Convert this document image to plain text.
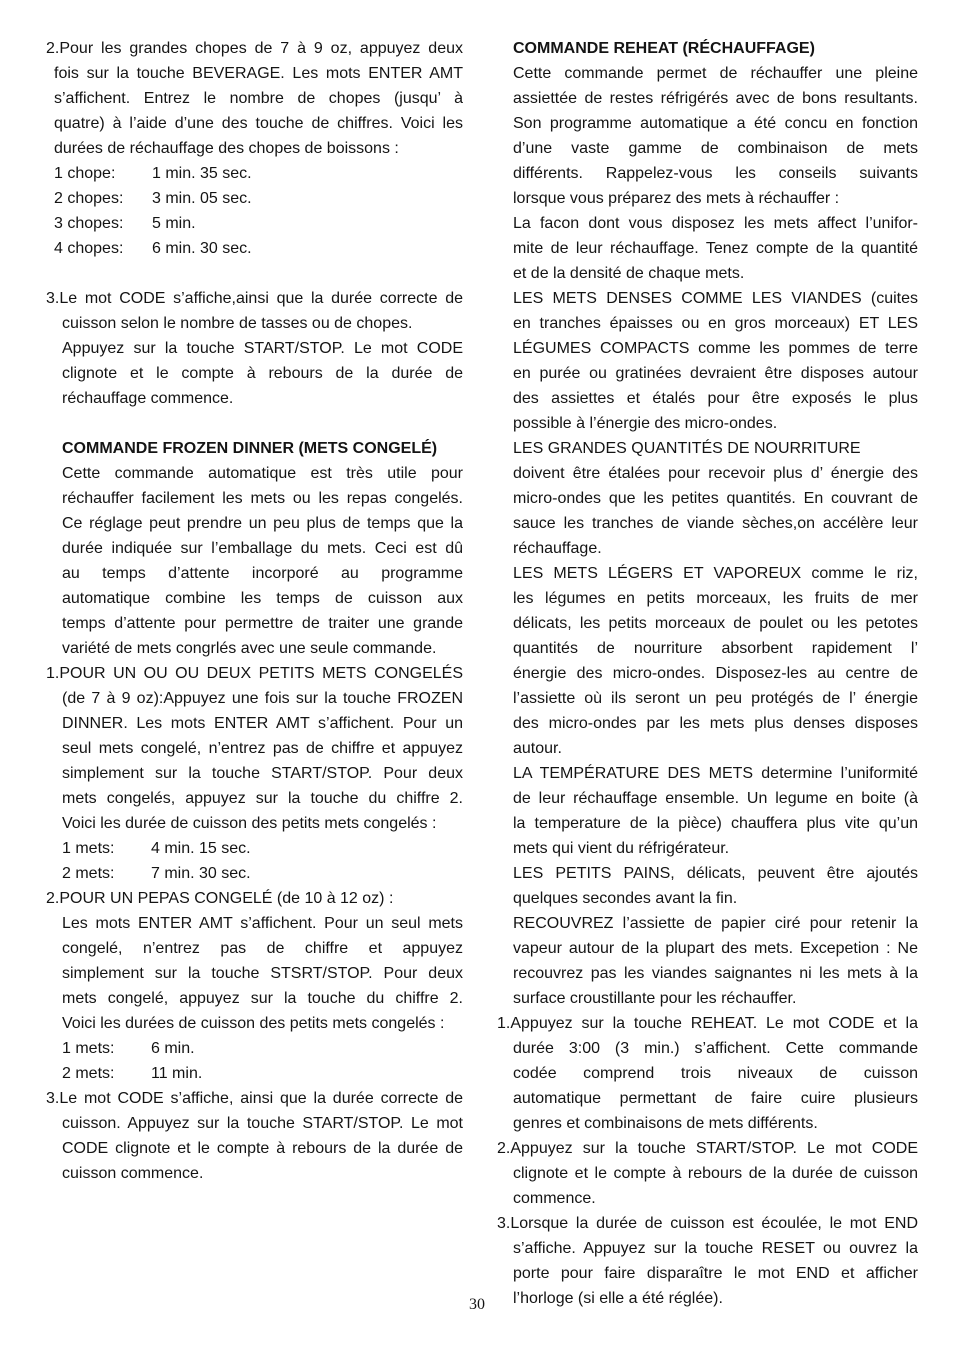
2.Pour les grandes chopes de 7 à 9 oz, appuyez deux
fois sur la touche BEVERAGE. Les mots ENTER AMT
s’affichent. Entrez le nombre de chopes (jusqu’ à
quatre) à l’aide d’une des touche de chiffres. Voici les
durées de réchauffage des chopes de boissons :
1 chope: 1 min. 35 sec.
2 chopes: 3 min. 05 sec.
3 chopes: 5 min.
4 chopes: 6 min. 30 sec.
3.Le mot CODE s’affiche,ainsi que la durée correcte de
cuisson selon le nombre de tasses ou de chopes.
Appuyez sur la touche START/STOP. Le mot CODE
clignote et le compte à rebours de la durée de
réchauffage commence.
COMMANDE FROZEN DINNER (METS CONGELÉ)
Cette commande automatique est très utile pour
réchauffer facilement les mets ou les repas congelés.
Ce réglage peut prendre un peu plus de temps que la
durée indiquée sur l’emballage du mets. Ceci est dû
au temps d’attente incorporé au programme
automatique combine les temps de cuisson aux
temps d’attente pour permettre de traiter une grande
variété de mets congrlés avec une seule commande.
1.POUR UN OU OU DEUX PETITS METS CONGELÉS
(de 7 à 9 oz):Appuyez une fois sur la touche FROZEN
DINNER. Les mots ENTER AMT s’affichent. Pour un
seul mets congelé, n’entrez pas de chiffre et appuyez
simplement sur la touche START/STOP. Pour deux
mets congelés, appuyez sur la touche du chiffre 2.
Voici les durée de cuisson des petits mets congelés :
1 mets: 4 min. 15 sec.
2 mets: 7 min. 30 sec.
2.POUR UN PEPAS CONGELÉ (de 10 à 12 oz) :
Les mots ENTER AMT s’affichent. Pour un seul mets
congelé, n’entrez pas de chiffre et appuyez
simplement sur la touche STSRT/STOP. Pour deux
mets congelé, appuyez sur la touche du chiffre 2.
Voici les durées de cuisson des petits mets congelés :
1 mets: 6 min.
2 mets: 11 min.
3.Le mot CODE s’affiche, ainsi que la durée correcte de
cuisson. Appuyez sur la touche START/STOP. Le mot
CODE clignote et le compte à rebours de la durée de
cuisson commence.
COMMANDE REHEAT (RÉCHAUFFAGE)
Cette commande permet de réchauffer une pleine
assiettée de restes réfrigérés avec de bons resultants.
Son programme automatique a été concu en fonction
d’une vaste gamme de combinaison de mets
différents. Rappelez-vous les conseils suivants
lorsque vous préparez des mets à réchauffer :
La facon dont vous disposez les mets affect l’unifor-
mite de leur réchauffage. Tenez compte de la quantité
et de la densité de chaque mets.
LES METS DENSES COMME LES VIANDES (cuites
en tranches épaisses ou en gros morceaux) ET LES
LÉGUMES COMPACTS comme les pommes de terre
en purée ou gratinées devraient être disposes autour
des assiettes et étalés pour être exposés le plus
possible à l’énergie des micro-ondes.
LES GRANDES QUANTITÉS DE NOURRITURE
doivent être étalées pour recevoir plus d’ énergie des
micro-ondes que les petites quantités. En couvrant de
sauce les tranches de viande sèches,on accélère leur
réchauffage.
LES METS LÉGERS ET VAPOREUX comme le riz,
les légumes en petits morceaux, les fruits de mer
délicats, les petits morceaux de poulet ou les petotes
quantités de nourriture absorbent rapidement l’
énergie des micro-ondes. Disposez-les au centre de
l’assiette où ils seront un peu protégés de l’ énergie
des micro-ondes par les mets plus denses disposes
autour.
LA TEMPÉRATURE DES METS determine l’uniformité
de leur réchauffage ensemble. Un legume en boite (à
la temperature de la pièce) chauffera plus vite qu’un
mets qui vient du réfrigérateur.
LES PETITS PAINS, délicats, peuvent être ajoutés
quelques secondes avant la fin.
RECOUVREZ l’assiette de papier ciré pour retenir la
vapeur autour de la plupart des mets. Excepetion : Ne
recouvrez pas les viandes saignantes ni les mets à la
surface croustillante pour les réchauffer.
1.Appuyez sur la touche REHEAT. Le mot CODE et la
durée 3:00 (3 min.) s’affichent. Cette commande
codée comprend trois niveaux de cuisson
automatique permettant de faire cuire plusieurs
genres et combinaisons de mets différents.
2.Appuyez sur la touche START/STOP. Le mot CODE
clignote et le compte à rebours de la durée de cuisson
commence.
3.Lorsque la durée de cuisson est écoulée, le mot END
s’affiche. Appuyez sur la touche RESET ou ouvrez la
porte pour faire disparaître le mot END et afficher
l’horloge (si elle a été réglée).
30
